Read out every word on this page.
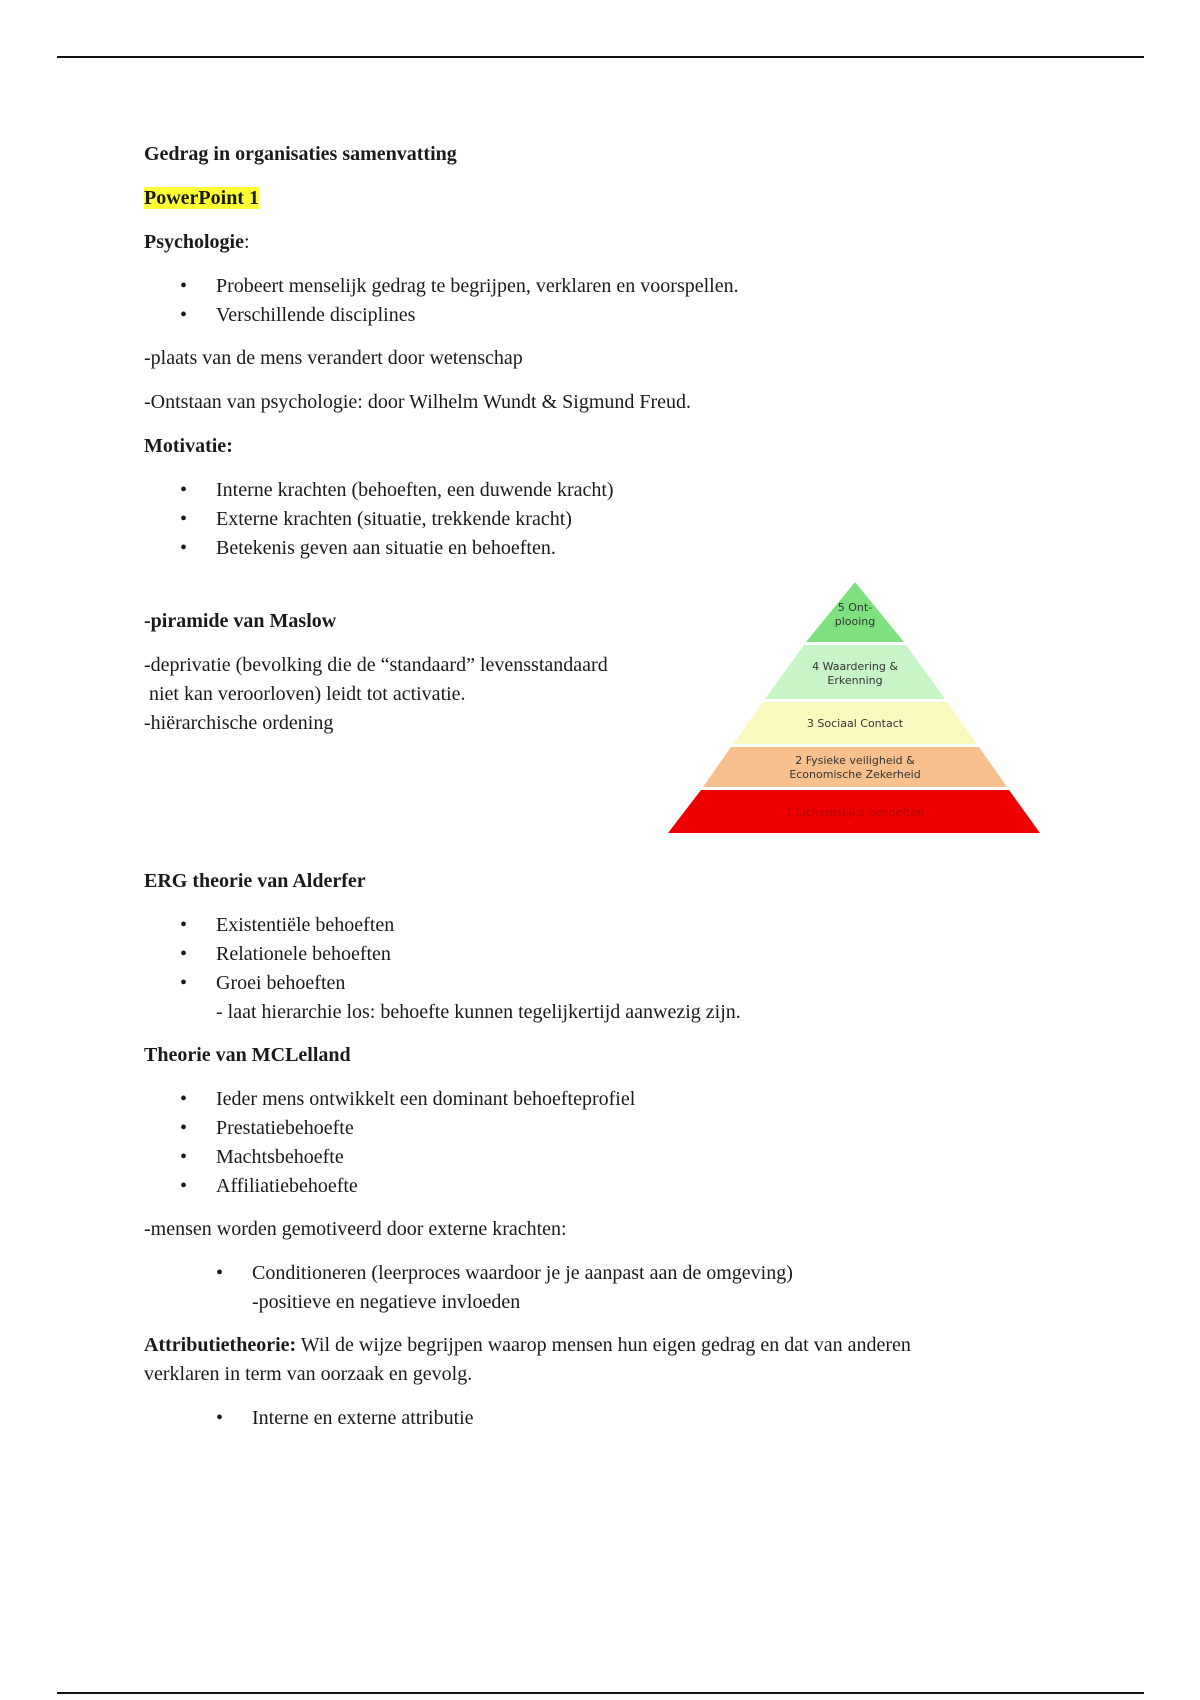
Gedrag in organisaties samenvatting

PowerPoint 1

Psychologie:

• Probeert menselijk gedrag te begrijpen, verklaren en voorspellen.
• Verschillende disciplines

-plaats van de mens verandert door wetenschap

-Ontstaan van psychologie: door Wilhelm Wundt & Sigmund Freud.

Motivatie:

• Interne krachten (behoeften, een duwende kracht)
• Externe krachten (situatie, trekkende kracht)
• Betekenis geven aan situatie en behoeften.

-piramide van Maslow

-deprivatie (bevolking die de “standaard” levensstandaard
niet kan veroorloven) leidt tot activatie.
-hiërarchische ordening
5 Ont-
plooing
4 Waardering &
Erkenning
3 Sociaal Contact
2 Fysieke veiligheid &
Economische Zekerheid
1 Lichamelijke behoeften

ERG theorie van Alderfer

• Existentiële behoeften
• Relationele behoeften
• Groei behoeften
- laat hierarchie los: behoefte kunnen tegelijkertijd aanwezig zijn.

Theorie van MCLelland

• Ieder mens ontwikkelt een dominant behoefteprofiel
• Prestatiebehoefte
• Machtsbehoefte
• Affiliatiebehoefte

-mensen worden gemotiveerd door externe krachten:

• Conditioneren (leerproces waardoor je je aanpast aan de omgeving)
-positieve en negatieve invloeden

Attributietheorie: Wil de wijze begrijpen waarop mensen hun eigen gedrag en dat van anderen
verklaren in term van oorzaak en gevolg.

• Interne en externe attributie
